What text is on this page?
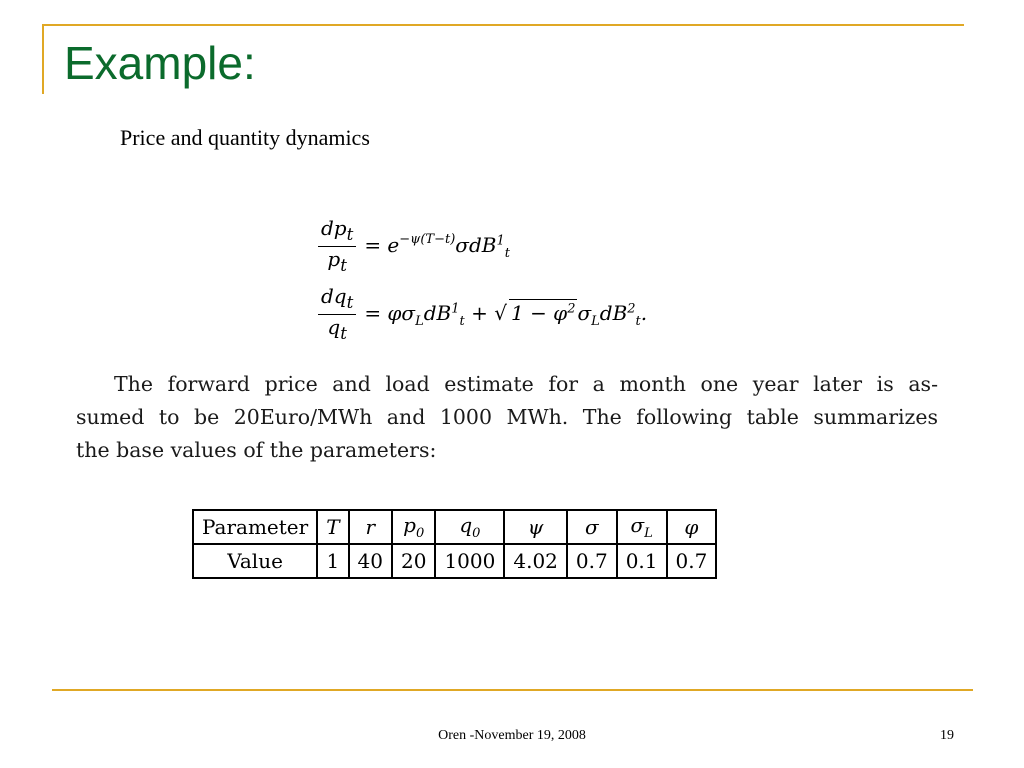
Example:
Price and quantity dynamics
$\frac{dp_t}{p_t} = e^{-\psi(T-t)}\sigma dB^1_t$
$\frac{dq_t}{q_t} = \varphi\sigma_LdB^1_t$ + √ $1 - \varphi^2$ $\sigma_LdB^2_t$.
The forward price and load estimate for a month one year later is as-
sumed to be 20Euro/MWh and 1000 MWh. The following table summarizes
the base values of the parameters:
Parameter	T	r	$p_0$	$q_0$	ψ	σ	$\sigma_L$	φ
Value	1	40	20	1000	4.02	0.7	0.1	0.7
Oren -November 19, 2008	19
